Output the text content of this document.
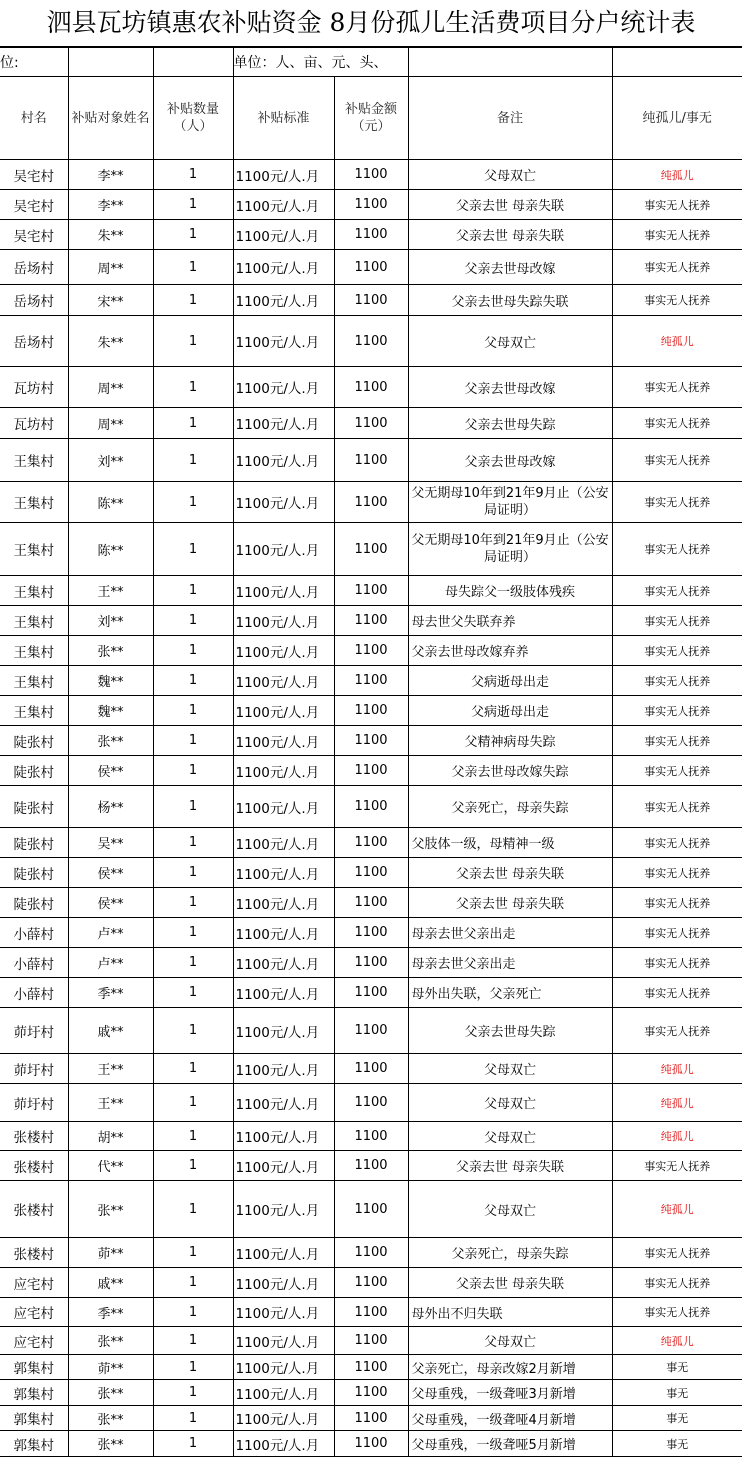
泗县瓦坊镇惠农补贴资金 8月份孤儿生活费项目分户统计表
位:			单位：人、亩、元、头、			
村名	补贴对象姓名	补贴数量（人）	补贴标准	补贴金额（元）	备注	纯孤儿/事无
吴宅村	李**	1	1100元/人.月	1100	父母双亡	纯孤儿
吴宅村	李**	1	1100元/人.月	1100	父亲去世 母亲失联	事实无人抚养
吴宅村	朱**	1	1100元/人.月	1100	父亲去世 母亲失联	事实无人抚养
岳场村	周**	1	1100元/人.月	1100	父亲去世母改嫁	事实无人抚养
岳场村	宋**	1	1100元/人.月	1100	父亲去世母失踪失联	事实无人抚养
岳场村	朱**	1	1100元/人.月	1100	父母双亡	纯孤儿
瓦坊村	周**	1	1100元/人.月	1100	父亲去世母改嫁	事实无人抚养
瓦坊村	周**	1	1100元/人.月	1100	父亲去世母失踪	事实无人抚养
王集村	刘**	1	1100元/人.月	1100	父亲去世母改嫁	事实无人抚养
王集村	陈**	1	1100元/人.月	1100	父无期母10年到21年9月止（公安局证明）	事实无人抚养
王集村	陈**	1	1100元/人.月	1100	父无期母10年到21年9月止（公安局证明）	事实无人抚养
王集村	王**	1	1100元/人.月	1100	母失踪父一级肢体残疾	事实无人抚养
王集村	刘**	1	1100元/人.月	1100	母去世父失联弃养	事实无人抚养
王集村	张**	1	1100元/人.月	1100	父亲去世母改嫁弃养	事实无人抚养
王集村	魏**	1	1100元/人.月	1100	父病逝母出走	事实无人抚养
王集村	魏**	1	1100元/人.月	1100	父病逝母出走	事实无人抚养
陡张村	张**	1	1100元/人.月	1100	父精神病母失踪	事实无人抚养
陡张村	侯**	1	1100元/人.月	1100	父亲去世母改嫁失踪	事实无人抚养
陡张村	杨**	1	1100元/人.月	1100	父亲死亡，母亲失踪	事实无人抚养
陡张村	吴**	1	1100元/人.月	1100	父肢体一级，母精神一级	事实无人抚养
陡张村	侯**	1	1100元/人.月	1100	父亲去世 母亲失联	事实无人抚养
陡张村	侯**	1	1100元/人.月	1100	父亲去世 母亲失联	事实无人抚养
小薛村	卢**	1	1100元/人.月	1100	母亲去世父亲出走	事实无人抚养
小薛村	卢**	1	1100元/人.月	1100	母亲去世父亲出走	事实无人抚养
小薛村	季**	1	1100元/人.月	1100	母外出失联，父亲死亡	事实无人抚养
茆圩村	戚**	1	1100元/人.月	1100	父亲去世母失踪	事实无人抚养
茆圩村	王**	1	1100元/人.月	1100	父母双亡	纯孤儿
茆圩村	王**	1	1100元/人.月	1100	父母双亡	纯孤儿
张楼村	胡**	1	1100元/人.月	1100	父母双亡	纯孤儿
张楼村	代**	1	1100元/人.月	1100	父亲去世 母亲失联	事实无人抚养
张楼村	张**	1	1100元/人.月	1100	父母双亡	纯孤儿
张楼村	茆**	1	1100元/人.月	1100	父亲死亡，母亲失踪	事实无人抚养
应宅村	戚**	1	1100元/人.月	1100	父亲去世 母亲失联	事实无人抚养
应宅村	季**	1	1100元/人.月	1100	母外出不归失联	事实无人抚养
应宅村	张**	1	1100元/人.月	1100	父母双亡	纯孤儿
郭集村	茆**	1	1100元/人.月	1100	父亲死亡，母亲改嫁2月新增	事无
郭集村	张**	1	1100元/人.月	1100	父母重残，一级聋哑3月新增	事无
郭集村	张**	1	1100元/人.月	1100	父母重残，一级聋哑4月新增	事无
郭集村	张**	1	1100元/人.月	1100	父母重残，一级聋哑5月新增	事无
